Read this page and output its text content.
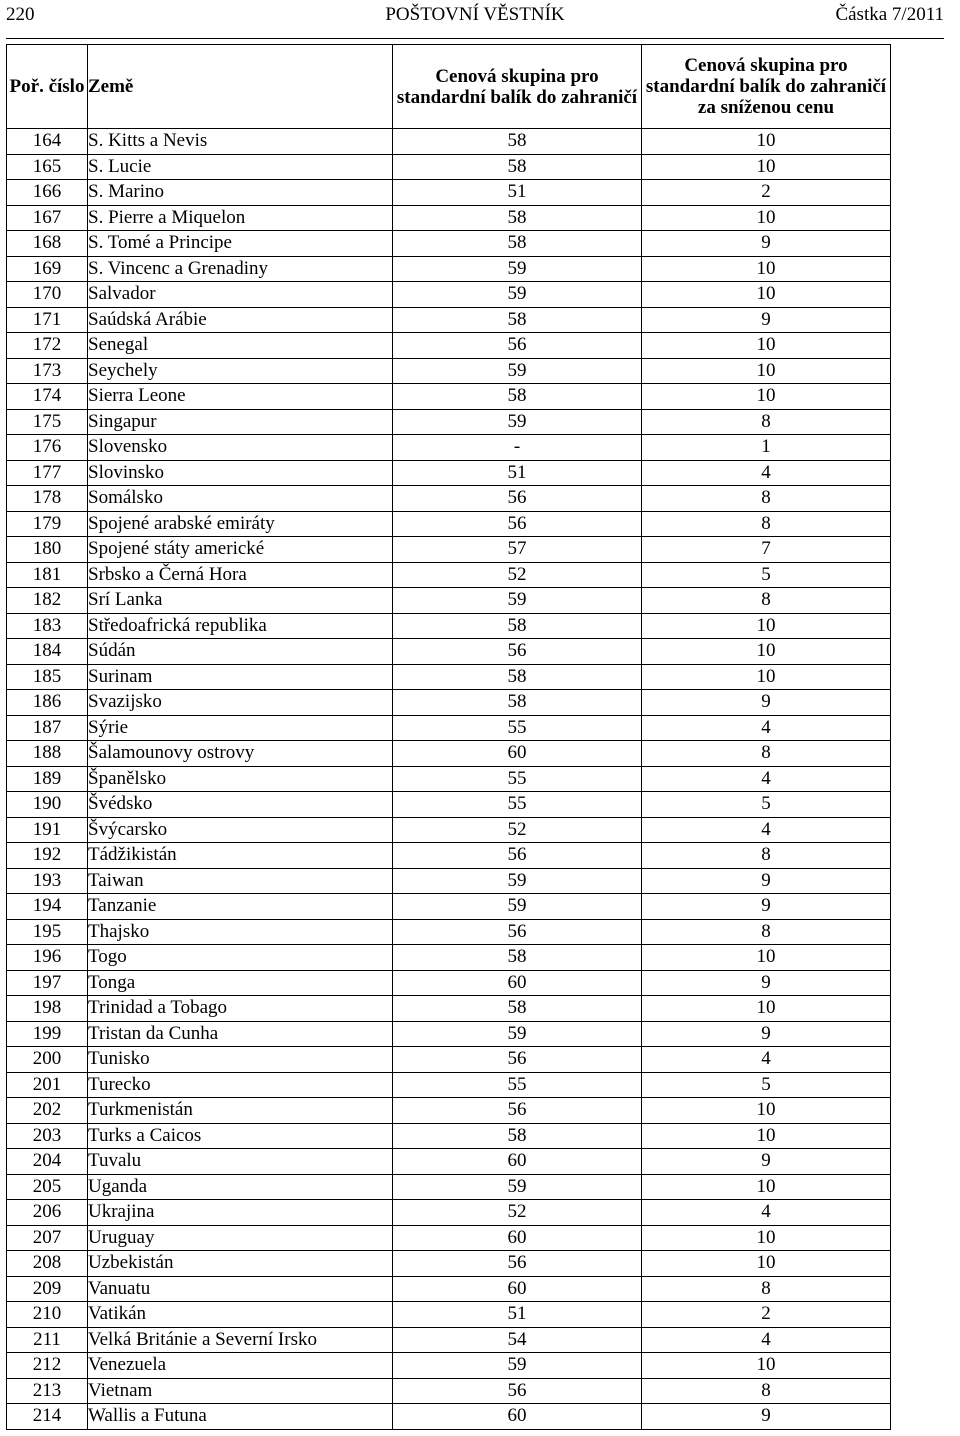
220	POŠTOVNÍ VĚSTNÍK	Částka 7/2011
Poř. číslo	Země	Cenová skupina pro standardní balík do zahraničí	Cenová skupina pro standardní balík do zahraničí za sníženou cenu
164	S. Kitts a Nevis	58	10
165	S. Lucie	58	10
166	S. Marino	51	2
167	S. Pierre a Miquelon	58	10
168	S. Tomé a Principe	58	9
169	S. Vincenc a Grenadiny	59	10
170	Salvador	59	10
171	Saúdská Arábie	58	9
172	Senegal	56	10
173	Seychely	59	10
174	Sierra Leone	58	10
175	Singapur	59	8
176	Slovensko	-	1
177	Slovinsko	51	4
178	Somálsko	56	8
179	Spojené arabské emiráty	56	8
180	Spojené státy americké	57	7
181	Srbsko a Černá Hora	52	5
182	Srí Lanka	59	8
183	Středoafrická republika	58	10
184	Súdán	56	10
185	Surinam	58	10
186	Svazijsko	58	9
187	Sýrie	55	4
188	Šalamounovy ostrovy	60	8
189	Španělsko	55	4
190	Švédsko	55	5
191	Švýcarsko	52	4
192	Tádžikistán	56	8
193	Taiwan	59	9
194	Tanzanie	59	9
195	Thajsko	56	8
196	Togo	58	10
197	Tonga	60	9
198	Trinidad a Tobago	58	10
199	Tristan da Cunha	59	9
200	Tunisko	56	4
201	Turecko	55	5
202	Turkmenistán	56	10
203	Turks a Caicos	58	10
204	Tuvalu	60	9
205	Uganda	59	10
206	Ukrajina	52	4
207	Uruguay	60	10
208	Uzbekistán	56	10
209	Vanuatu	60	8
210	Vatikán	51	2
211	Velká Británie a Severní Irsko	54	4
212	Venezuela	59	10
213	Vietnam	56	8
214	Wallis a Futuna	60	9
